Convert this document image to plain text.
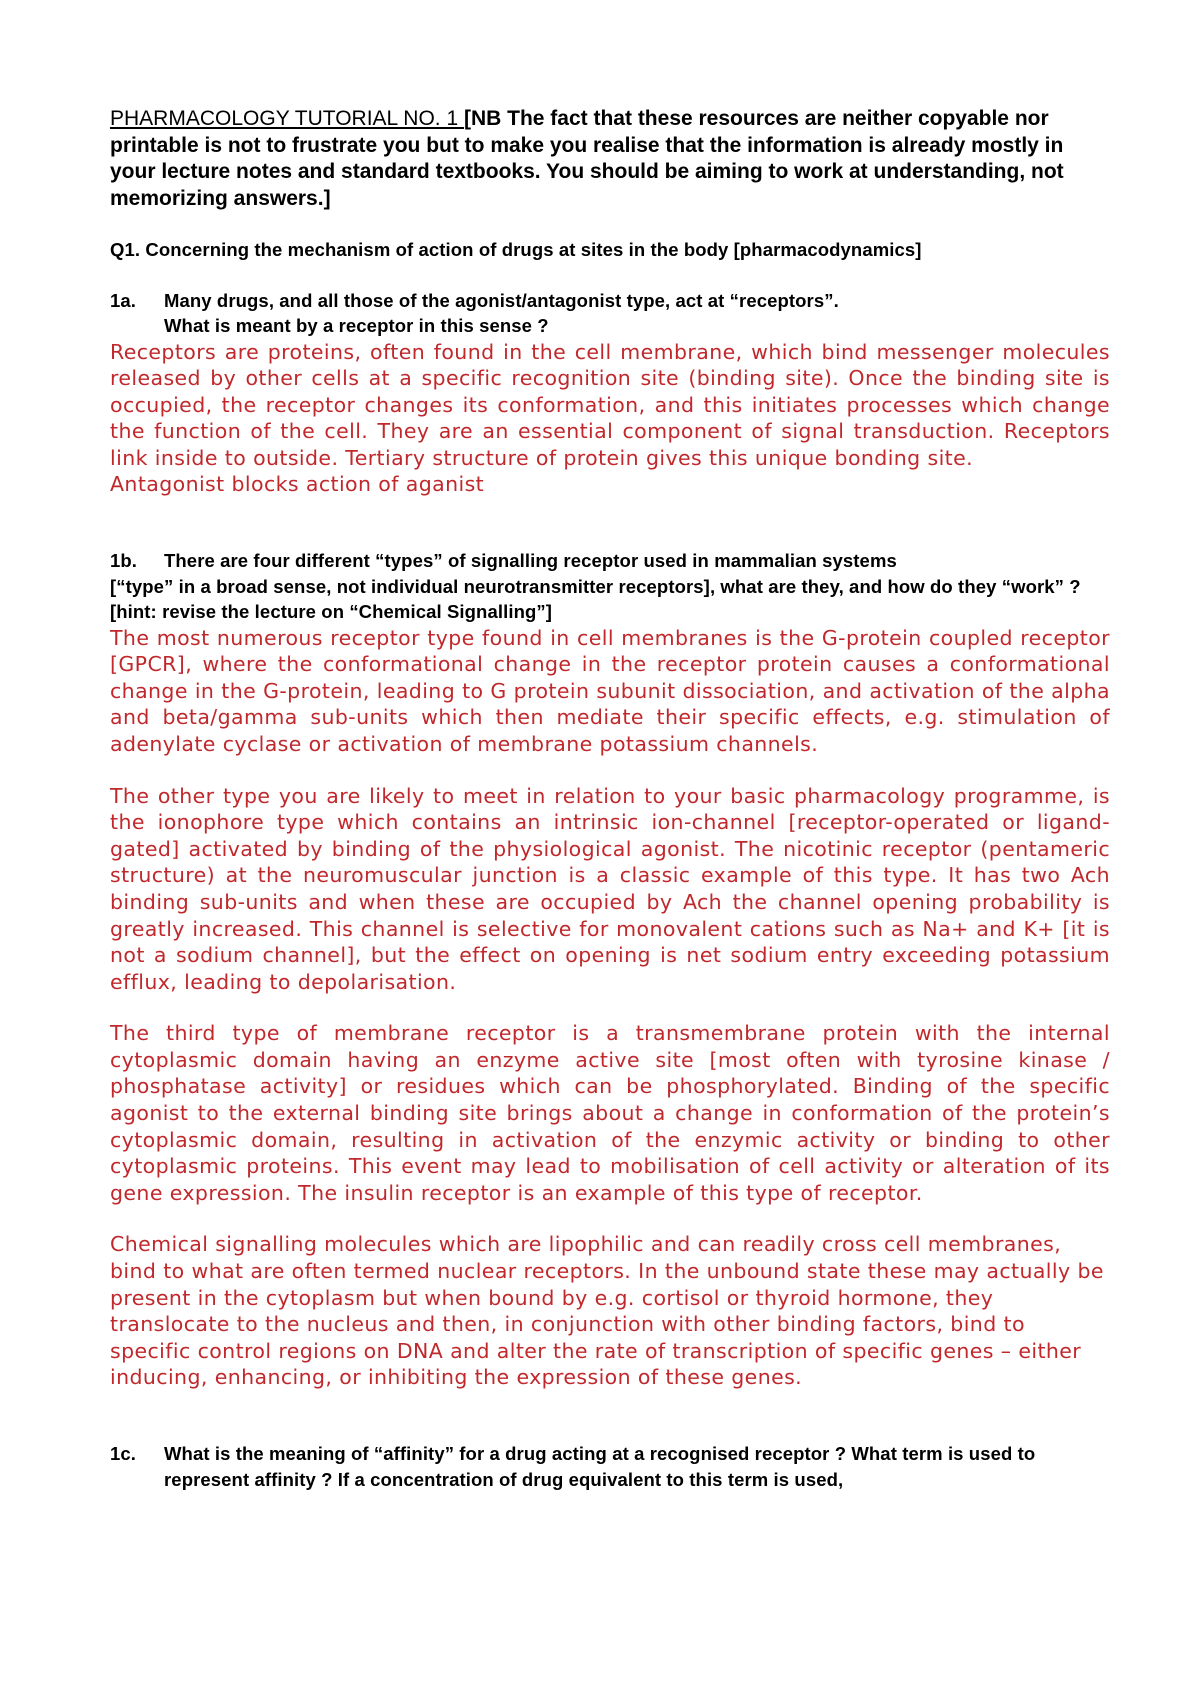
PHARMACOLOGY TUTORIAL NO. 1 [NB The fact that these resources are neither copyable nor printable is not to frustrate you but to make you realise that the information is already mostly in your lecture notes and standard textbooks. You should be aiming to work at understanding, not memorizing answers.]

Q1. Concerning the mechanism of action of drugs at sites in the body [pharmacodynamics]

1a.	Many drugs, and all those of the agonist/antagonist type, act at “receptors”.
What is meant by a receptor in this sense ?

Receptors are proteins, often found in the cell membrane, which bind messenger molecules released by other cells at a specific recognition site (binding site). Once the binding site is occupied, the receptor changes its conformation, and this initiates processes which change the function of the cell. They are an essential component of signal transduction. Receptors link inside to outside. Tertiary structure of protein gives this unique bonding site.

Antagonist blocks action of aganist

1b.	There are four different “types” of signalling receptor used in mammalian systems

[“type” in a broad sense, not individual neurotransmitter receptors], what are they, and how do they “work” ? [hint: revise the lecture on “Chemical Signalling”]

The most numerous receptor type found in cell membranes is the G-protein coupled receptor [GPCR], where the conformational change in the receptor protein causes a conformational change in the G-protein, leading to G protein subunit dissociation, and activation of the alpha and beta/gamma sub-units which then mediate their specific effects, e.g. stimulation of adenylate cyclase or activation of membrane potassium channels.

The other type you are likely to meet in relation to your basic pharmacology programme, is the ionophore type which contains an intrinsic ion-channel [receptor-operated or ligand-gated] activated by binding of the physiological agonist. The nicotinic receptor (pentameric structure) at the neuromuscular junction is a classic example of this type. It has two Ach binding sub-units and when these are occupied by Ach the channel opening probability is greatly increased. This channel is selective for monovalent cations such as Na+ and K+ [it is not a sodium channel], but the effect on opening is net sodium entry exceeding potassium efflux, leading to depolarisation.

The third type of membrane receptor is a transmembrane protein with the internal cytoplasmic domain having an enzyme active site [most often with tyrosine kinase / phosphatase activity] or residues which can be phosphorylated. Binding of the specific agonist to the external binding site brings about a change in conformation of the protein’s cytoplasmic domain, resulting in activation of the enzymic activity or binding to other cytoplasmic proteins. This event may lead to mobilisation of cell activity or alteration of its gene expression. The insulin receptor is an example of this type of receptor.

Chemical signalling molecules which are lipophilic and can readily cross cell membranes, bind to what are often termed nuclear receptors. In the unbound state these may actually be present in the cytoplasm but when bound by e.g. cortisol or thyroid hormone, they translocate to the nucleus and then, in conjunction with other binding factors, bind to specific control regions on DNA and alter the rate of transcription of specific genes – either inducing, enhancing, or inhibiting the expression of these genes.

1c.	What is the meaning of “affinity” for a drug acting at a recognised receptor ? What term is used to represent affinity ? If a concentration of drug equivalent to this term is used,
